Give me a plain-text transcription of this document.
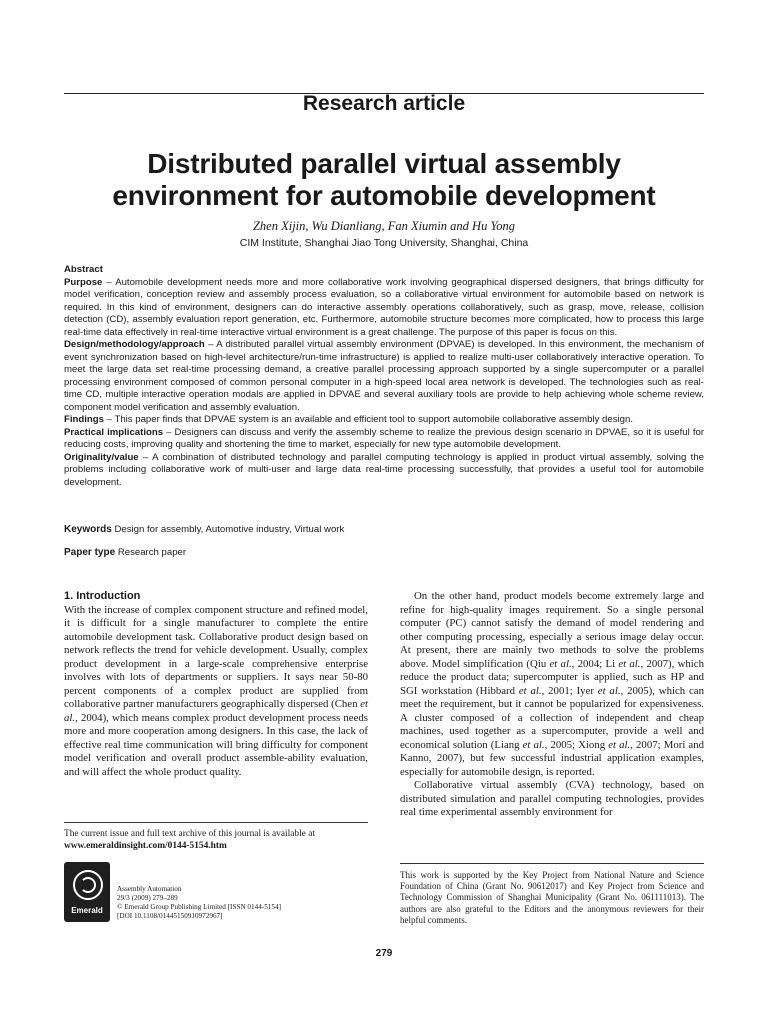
Research article
Distributed parallel virtual assembly
environment for automobile development

Zhen Xijin, Wu Dianliang, Fan Xiumin and Hu Yong

CIM Institute, Shanghai Jiao Tong University, Shanghai, China

Abstract

Purpose – Automobile development needs more and more collaborative work involving geographical dispersed designers, that brings difficulty for model verification, conception review and assembly process evaluation, so a collaborative virtual environment for automobile based on network is required. In this kind of environment, designers can do interactive assembly operations collaboratively, such as grasp, move, release, collision detection (CD), assembly evaluation report generation, etc. Furthermore, automobile structure becomes more complicated, how to process this large real-time data effectively in real-time interactive virtual environment is a great challenge. The purpose of this paper is focus on this.

Design/methodology/approach – A distributed parallel virtual assembly environment (DPVAE) is developed. In this environment, the mechanism of event synchronization based on high-level architecture/run-time infrastructure) is applied to realize multi-user collaboratively interactive operation. To meet the large data set real-time processing demand, a creative parallel processing approach supported by a single supercomputer or a parallel processing environment composed of common personal computer in a high-speed local area network is developed. The technologies such as real-time CD, multiple interactive operation modals are applied in DPVAE and several auxiliary tools are provide to help achieving whole scheme review, component model verification and assembly evaluation.

Findings – This paper finds that DPVAE system is an available and efficient tool to support automobile collaborative assembly design.

Practical implications – Designers can discuss and verify the assembly scheme to realize the previous design scenario in DPVAE, so it is useful for reducing costs, improving quality and shortening the time to market, especially for new type automobile development.

Originality/value – A combination of distributed technology and parallel computing technology is applied in product virtual assembly, solving the problems including collaborative work of multi-user and large data real-time processing successfully, that provides a useful tool for automobile development.

Keywords Design for assembly, Automotive industry, Virtual work
Paper type Research paper

1. Introduction

With the increase of complex component structure and refined model, it is difficult for a single manufacturer to complete the entire automobile development task. Collaborative product design based on network reflects the trend for vehicle development. Usually, complex product development in a large-scale comprehensive enterprise involves with lots of departments or suppliers. It says near 50-80 percent components of a complex product are supplied from collaborative partner manufacturers geographically dispersed (Chen et al., 2004), which means complex product development process needs more and more cooperation among designers. In this case, the lack of effective real time communication will bring difficulty for component model verification and overall product assemble-ability evaluation, and will affect the whole product quality.

On the other hand, product models become extremely large and refine for high-quality images requirement. So a single personal computer (PC) cannot satisfy the demand of model rendering and other computing processing, especially a serious image delay occur. At present, there are mainly two methods to solve the problems above. Model simplification (Qiu et al., 2004; Li et al., 2007), which reduce the product data; supercomputer is applied, such as HP and SGI workstation (Hibbard et al., 2001; Iyer et al., 2005), which can meet the requirement, but it cannot be popularized for expensiveness. A cluster composed of a collection of independent and cheap machines, used together as a supercomputer, provide a well and economical solution (Liang et al., 2005; Xiong et al., 2007; Mori and Kanno, 2007), but few successful industrial application examples, especially for automobile design, is reported.

Collaborative virtual assembly (CVA) technology, based on distributed simulation and parallel computing technologies, provides real time experimental assembly environment for

The current issue and full text archive of this journal is available at
www.emeraldinsight.com/0144-5154.htm
Emerald
Assembly Automation
29/3 (2009) 279–289
© Emerald Group Publishing Limited [ISSN 0144-5154]
[DOI 10.1108/01445150910972967]
This work is supported by the Key Project from National Nature and Science Foundation of China (Grant No. 90612017) and Key Project from Science and Technology Commission of Shanghai Municipality (Grant No. 061111013). The authors are also grateful to the Editors and the anonymous reviewers for their helpful comments.
279
